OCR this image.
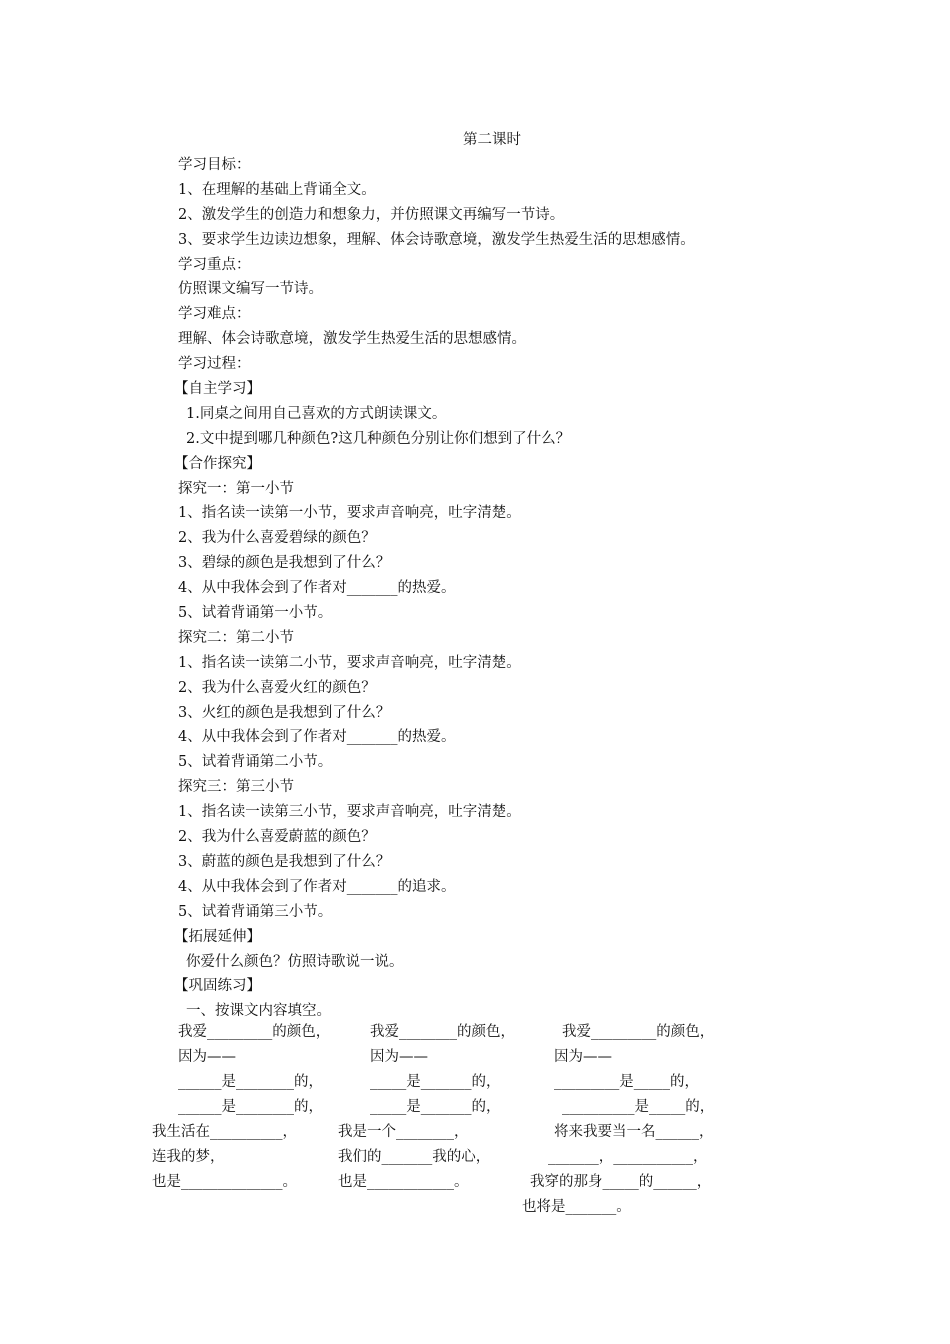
第二课时
学习目标：
1、在理解的基础上背诵全文。
2、激发学生的创造力和想象力，并仿照课文再编写一节诗。
3、要求学生边读边想象，理解、体会诗歌意境，激发学生热爱生活的思想感情。
学习重点：
仿照课文编写一节诗。
学习难点：
理解、体会诗歌意境，激发学生热爱生活的思想感情。
学习过程：
【自主学习】
1.同桌之间用自己喜欢的方式朗读课文。
2.文中提到哪几种颜色?这几种颜色分别让你们想到了什么？
【合作探究】
探究一：第一小节
1、指名读一读第一小节，要求声音响亮，吐字清楚。
2、我为什么喜爱碧绿的颜色？
3、碧绿的颜色是我想到了什么？
4、从中我体会到了作者对_______的热爱。
5、试着背诵第一小节。
探究二：第二小节
1、指名读一读第二小节，要求声音响亮，吐字清楚。
2、我为什么喜爱火红的颜色？
3、火红的颜色是我想到了什么？
4、从中我体会到了作者对_______的热爱。
5、试着背诵第二小节。
探究三：第三小节
1、指名读一读第三小节，要求声音响亮，吐字清楚。
2、我为什么喜爱蔚蓝的颜色？
3、蔚蓝的颜色是我想到了什么？
4、从中我体会到了作者对_______的追求。
5、试着背诵第三小节。
【拓展延伸】
你爱什么颜色？仿照诗歌说一说。
【巩固练习】
一、按课文内容填空。
我爱_________的颜色，	我爱________的颜色，	我爱_________的颜色，
因为——	因为——	因为——
______是________的，	_____是_______的，	_________是_____的，
______是________的，	_____是_______的，	__________是_____的，
我生活在__________，	我是一个________，	将来我要当一名______，
连我的梦，	我们的_______我的心，	_______，___________，
也是______________。	也是____________。	我穿的那身_____的______，
也将是_______。
